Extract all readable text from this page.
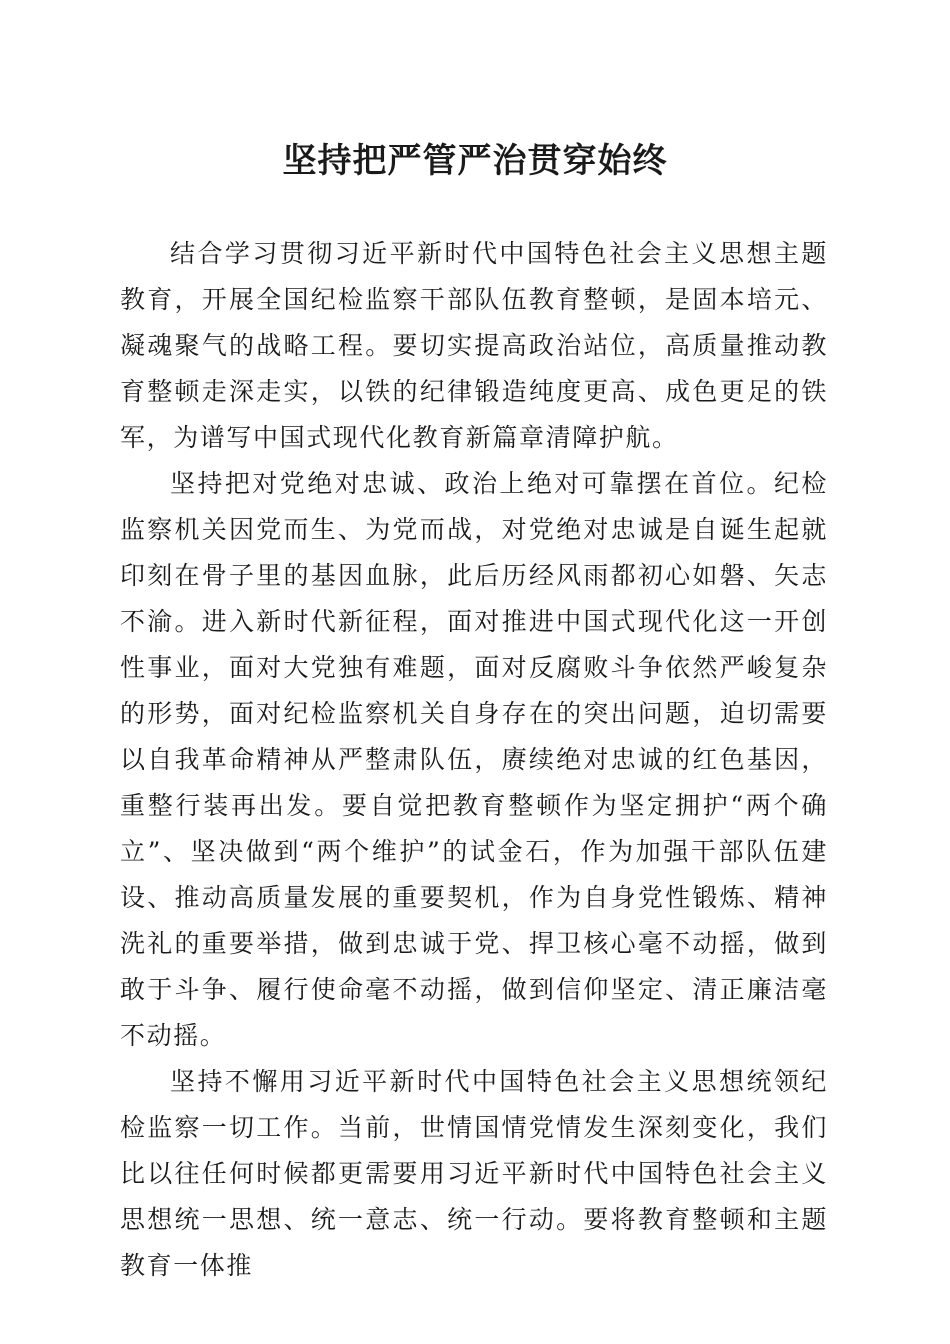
坚持把严管严治贯穿始终

结合学习贯彻习近平新时代中国特色社会主义思想主题教育，开展全国纪检监察干部队伍教育整顿，是固本培元、凝魂聚气的战略工程。要切实提高政治站位，高质量推动教育整顿走深走实，以铁的纪律锻造纯度更高、成色更足的铁军，为谱写中国式现代化教育新篇章清障护航。

坚持把对党绝对忠诚、政治上绝对可靠摆在首位。纪检监察机关因党而生、为党而战，对党绝对忠诚是自诞生起就印刻在骨子里的基因血脉，此后历经风雨都初心如磐、矢志不渝。进入新时代新征程，面对推进中国式现代化这一开创性事业，面对大党独有难题，面对反腐败斗争依然严峻复杂的形势，面对纪检监察机关自身存在的突出问题，迫切需要以自我革命精神从严整肃队伍，赓续绝对忠诚的红色基因，重整行装再出发。要自觉把教育整顿作为坚定拥护“两个确立”、坚决做到“两个维护”的试金石，作为加强干部队伍建设、推动高质量发展的重要契机，作为自身党性锻炼、精神洗礼的重要举措，做到忠诚于党、捍卫核心毫不动摇，做到敢于斗争、履行使命毫不动摇，做到信仰坚定、清正廉洁毫不动摇。

坚持不懈用习近平新时代中国特色社会主义思想统领纪检监察一切工作。当前，世情国情党情发生深刻变化，我们比以往任何时候都更需要用习近平新时代中国特色社会主义思想统一思想、统一意志、统一行动。要将教育整顿和主题教育一体推
